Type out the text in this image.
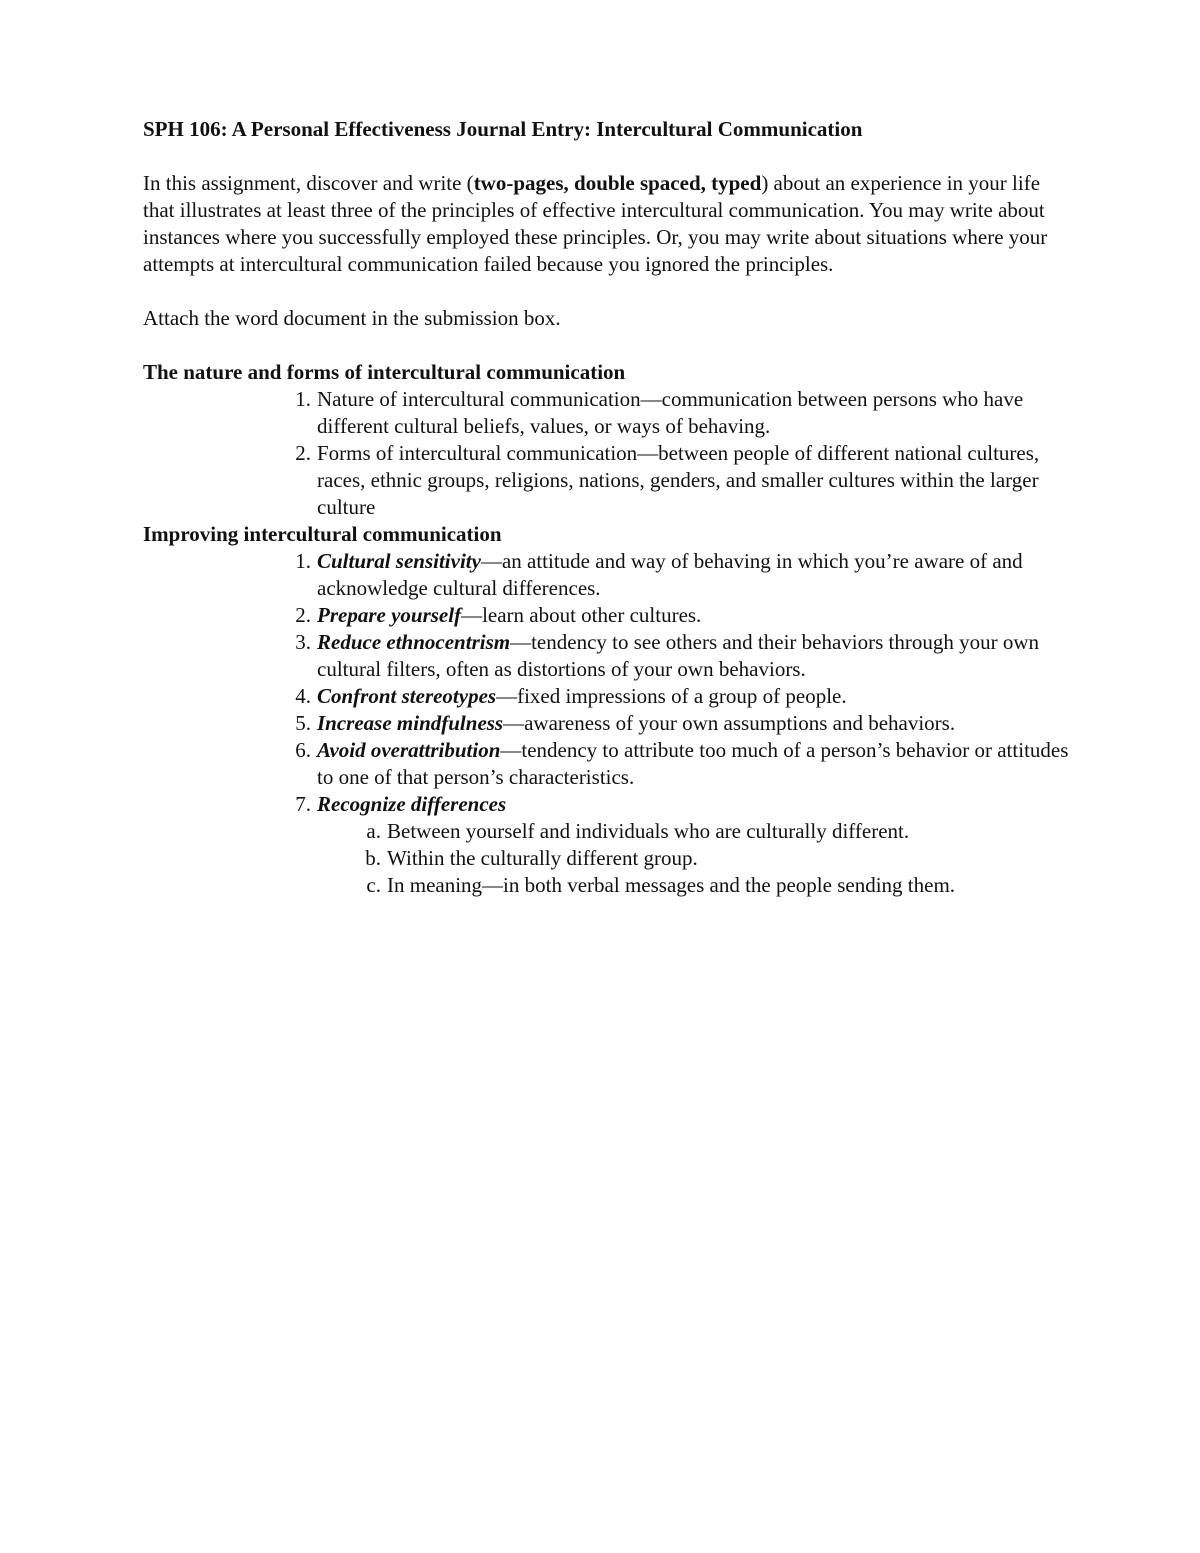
SPH 106: A Personal Effectiveness Journal Entry: Intercultural Communication
In this assignment, discover and write (two-pages, double spaced, typed) about an experience in your life that illustrates at least three of the principles of effective intercultural communication. You may write about instances where you successfully employed these principles. Or, you may write about situations where your attempts at intercultural communication failed because you ignored the principles.
Attach the word document in the submission box.
The nature and forms of intercultural communication
1. Nature of intercultural communication—communication between persons who have different cultural beliefs, values, or ways of behaving.
2. Forms of intercultural communication—between people of different national cultures, races, ethnic groups, religions, nations, genders, and smaller cultures within the larger culture
Improving intercultural communication
1. Cultural sensitivity—an attitude and way of behaving in which you’re aware of and acknowledge cultural differences.
2. Prepare yourself—learn about other cultures.
3. Reduce ethnocentrism—tendency to see others and their behaviors through your own cultural filters, often as distortions of your own behaviors.
4. Confront stereotypes—fixed impressions of a group of people.
5. Increase mindfulness—awareness of your own assumptions and behaviors.
6. Avoid overattribution—tendency to attribute too much of a person’s behavior or attitudes to one of that person’s characteristics.
7. Recognize differences
a. Between yourself and individuals who are culturally different.
b. Within the culturally different group.
c. In meaning—in both verbal messages and the people sending them.
